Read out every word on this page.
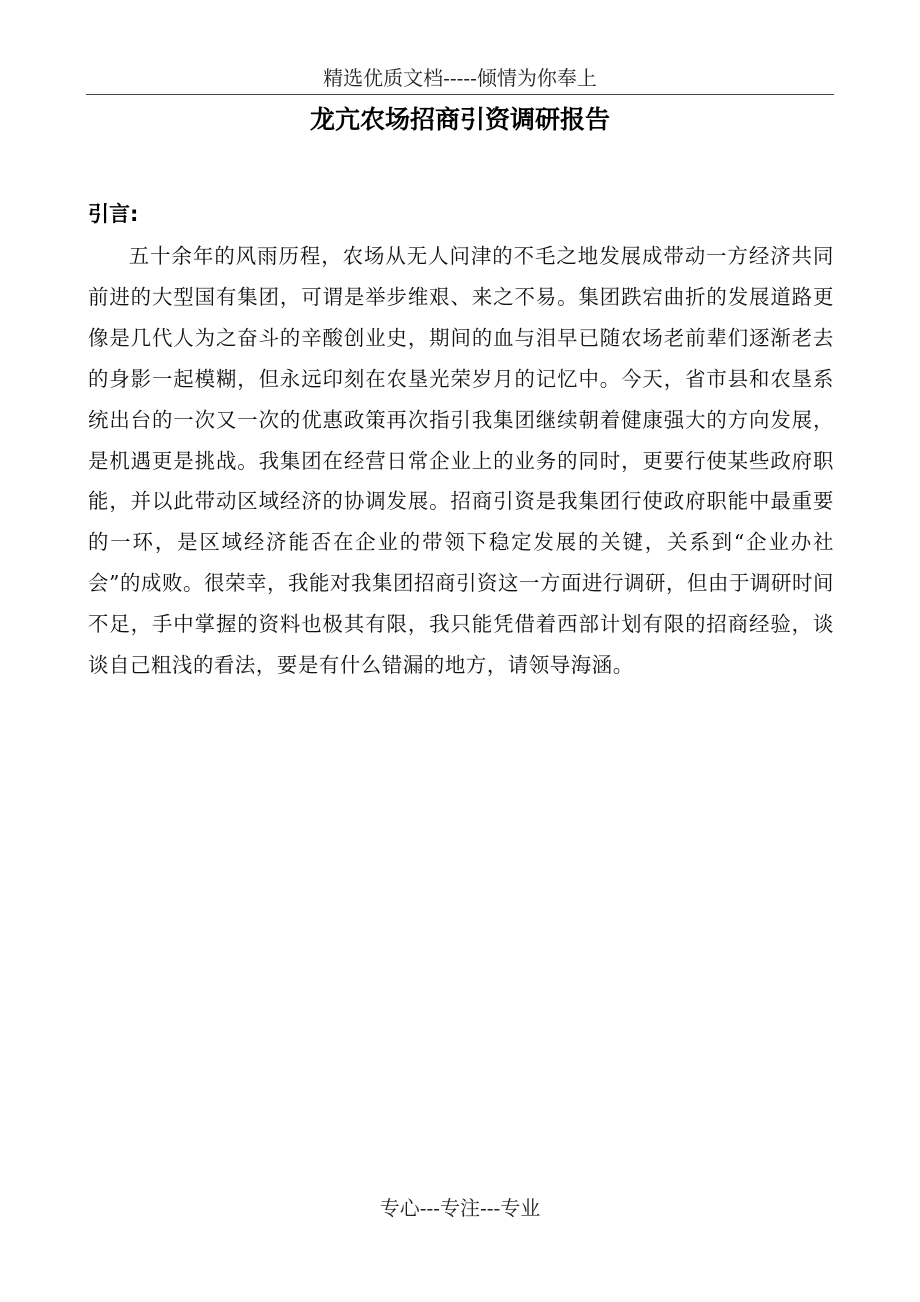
精选优质文档-----倾情为你奉上
龙亢农场招商引资调研报告
引言:

五十余年的风雨历程，农场从无人问津的不毛之地发展成带动一方经济共同前进的大型国有集团，可谓是举步维艰、来之不易。集团跌宕曲折的发展道路更像是几代人为之奋斗的辛酸创业史，期间的血与泪早已随农场老前辈们逐渐老去的身影一起模糊，但永远印刻在农垦光荣岁月的记忆中。今天，省市县和农垦系统出台的一次又一次的优惠政策再次指引我集团继续朝着健康强大的方向发展，是机遇更是挑战。我集团在经营日常企业上的业务的同时，更要行使某些政府职能，并以此带动区域经济的协调发展。招商引资是我集团行使政府职能中最重要的一环，是区域经济能否在企业的带领下稳定发展的关键，关系到“企业办社会”的成败。很荣幸，我能对我集团招商引资这一方面进行调研，但由于调研时间不足，手中掌握的资料也极其有限，我只能凭借着西部计划有限的招商经验，谈谈自己粗浅的看法，要是有什么错漏的地方，请领导海涵。

专心---专注---专业
